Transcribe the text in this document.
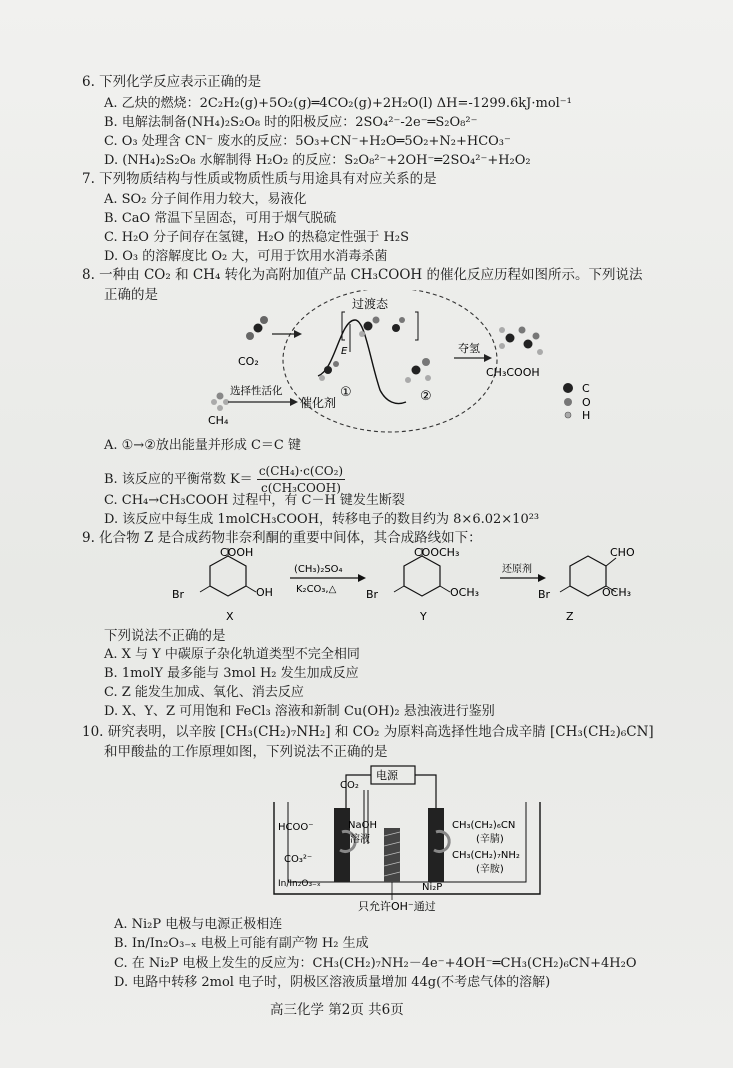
6. 下列化学反应表示正确的是
A. 乙炔的燃烧：2C₂H₂(g)+5O₂(g)═4CO₂(g)+2H₂O(l) ΔH=-1299.6kJ·mol⁻¹
B. 电解法制备(NH₄)₂S₂O₈ 时的阳极反应：2SO₄²⁻-2e⁻═S₂O₈²⁻
C. O₃ 处理含 CN⁻ 废水的反应：5O₃+CN⁻+H₂O═5O₂+N₂+HCO₃⁻
D. (NH₄)₂S₂O₈ 水解制得 H₂O₂ 的反应：S₂O₈²⁻+2OH⁻═2SO₄²⁻+H₂O₂
7. 下列物质结构与性质或物质性质与用途具有对应关系的是
A. SO₂ 分子间作用力较大，易液化
B. CaO 常温下呈固态，可用于烟气脱硫
C. H₂O 分子间存在氢键，H₂O 的热稳定性强于 H₂S
D. O₃ 的溶解度比 O₂ 大，可用于饮用水消毒杀菌
8. 一种由 CO₂ 和 CH₄ 转化为高附加值产品 CH₃COOH 的催化反应历程如图所示。下列说法
正确的是
CO₂
CH₄
选择性活化
催化剂
E
过渡态
①	②
夺氢
CH₃COOH
C
O
H
A. ①→②放出能量并形成 C＝C 键
B. 该反应的平衡常数 K＝
c(CH₄)·c(CO₂)
c(CH₃COOH)
C. CH₄→CH₃COOH 过程中，有 C－H 键发生断裂
D. 该反应中每生成 1molCH₃COOH，转移电子的数目约为 8×6.02×10²³
9. 化合物 Z 是合成药物非奈利酮的重要中间体，其合成路线如下：
COOH
OH
Br
X
(CH₃)₂SO₄
K₂CO₃,△
COOCH₃
OCH₃
Br
Y
还原剂
CHO
OCH₃
Br
Z
下列说法不正确的是
A. X 与 Y 中碳原子杂化轨道类型不完全相同
B. 1molY 最多能与 3mol H₂ 发生加成反应
C. Z 能发生加成、氧化、消去反应
D. X、Y、Z 可用饱和 FeCl₃ 溶液和新制 Cu(OH)₂ 悬浊液进行鉴别
10. 研究表明，以辛胺 [CH₃(CH₂)₇NH₂] 和 CO₂ 为原料高选择性地合成辛腈 [CH₃(CH₂)₆CN]
和甲酸盐的工作原理如图，下列说法不正确的是
电源
CO₂
HCOO⁻
CO₃²⁻
In/In₂O₃₋ₓ
NaOH
溶液
CH₃(CH₂)₆CN
(辛腈)
CH₃(CH₂)₇NH₂
(辛胺)
Ni₂P
只允许OH⁻通过
A. Ni₂P 电极与电源正极相连
B. In/In₂O₃₋ₓ 电极上可能有副产物 H₂ 生成
C. 在 Ni₂P 电极上发生的反应为：CH₃(CH₂)₇NH₂－4e⁻+4OH⁻═CH₃(CH₂)₆CN+4H₂O
D. 电路中转移 2mol 电子时，阴极区溶液质量增加 44g(不考虑气体的溶解)
高三化学 第2页 共6页
